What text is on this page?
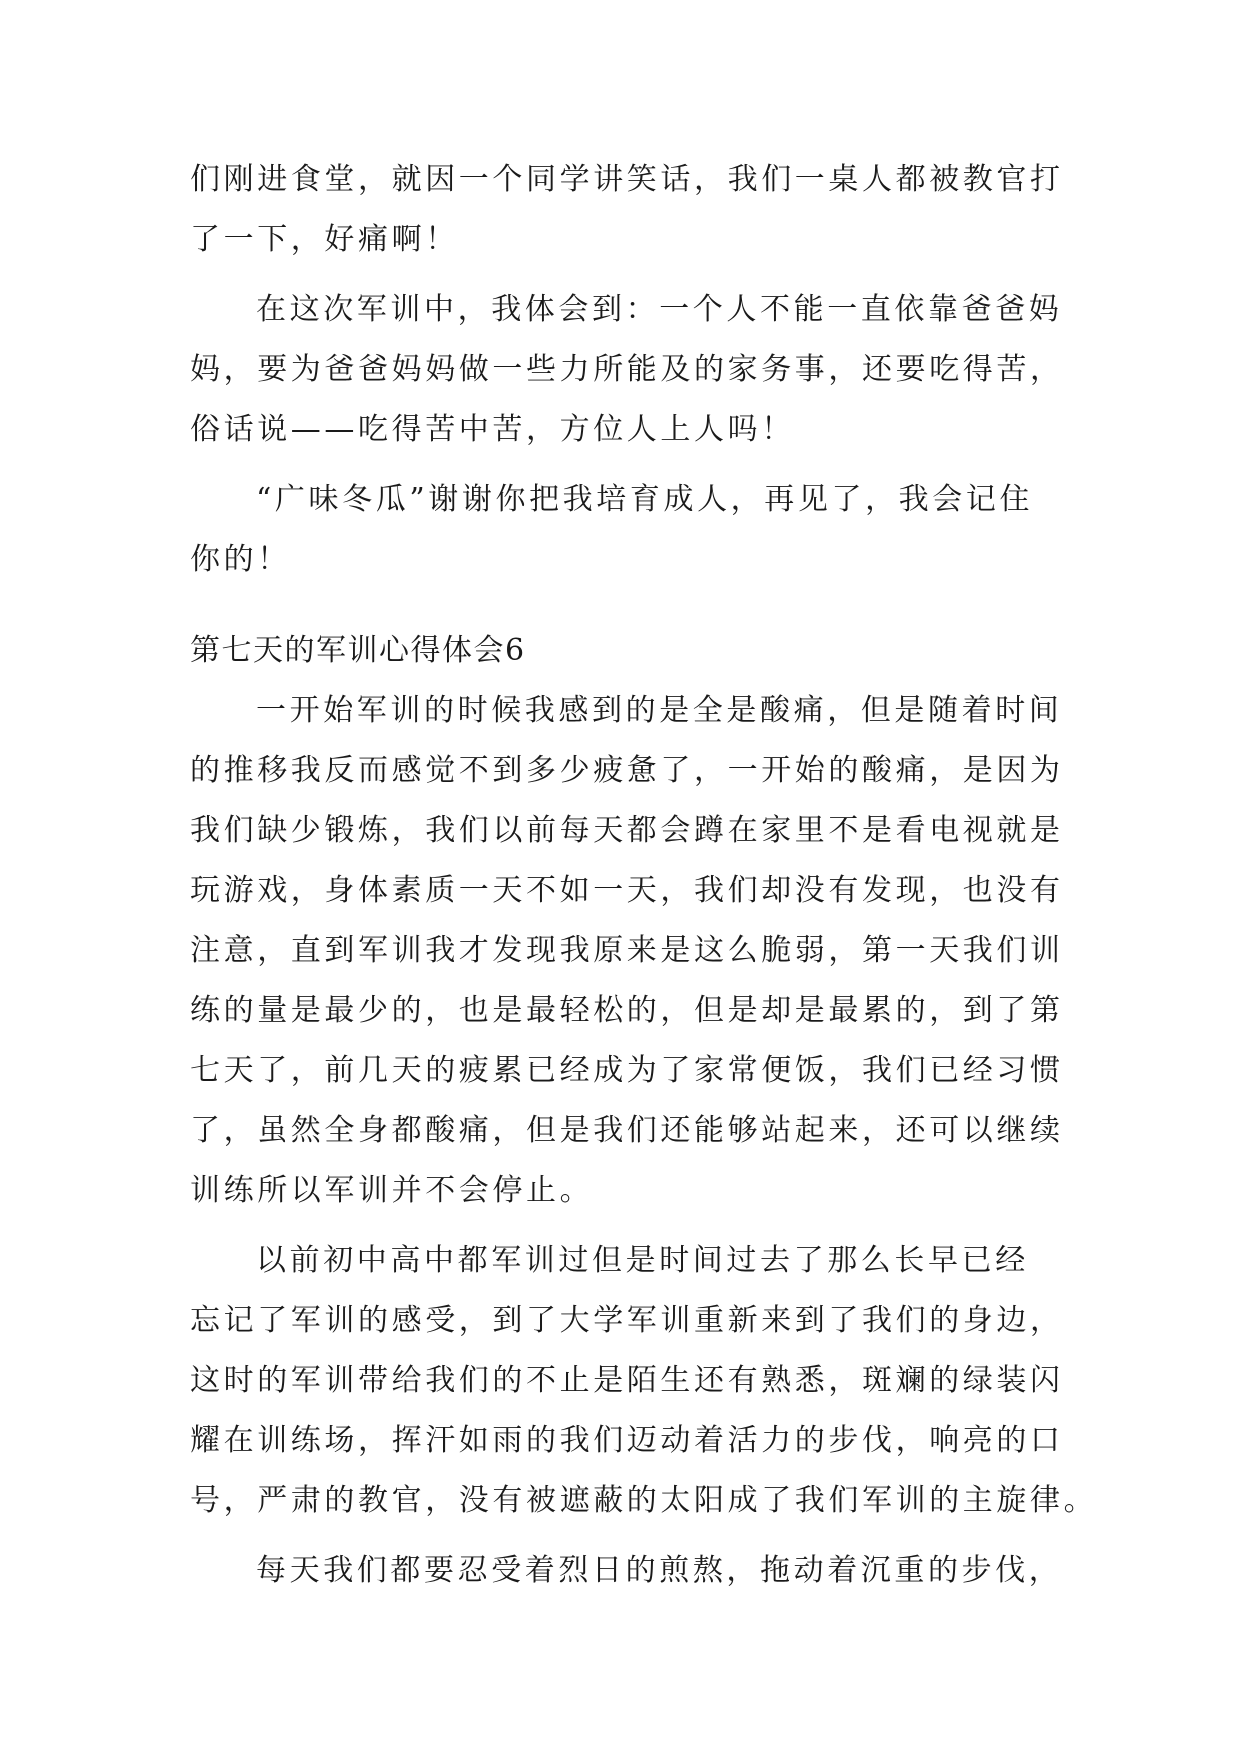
们刚进食堂，就因一个同学讲笑话，我们一桌人都被教官打
了一下，好痛啊！
在这次军训中，我体会到：一个人不能一直依靠爸爸妈
妈，要为爸爸妈妈做一些力所能及的家务事，还要吃得苦，
俗话说——吃得苦中苦，方位人上人吗！
“广味冬瓜”谢谢你把我培育成人，再见了，我会记住
你的！
第七天的军训心得体会6
一开始军训的时候我感到的是全是酸痛，但是随着时间
的推移我反而感觉不到多少疲惫了，一开始的酸痛，是因为
我们缺少锻炼，我们以前每天都会蹲在家里不是看电视就是
玩游戏，身体素质一天不如一天，我们却没有发现，也没有
注意，直到军训我才发现我原来是这么脆弱，第一天我们训
练的量是最少的，也是最轻松的，但是却是最累的，到了第
七天了，前几天的疲累已经成为了家常便饭，我们已经习惯
了，虽然全身都酸痛，但是我们还能够站起来，还可以继续
训练所以军训并不会停止。
以前初中高中都军训过但是时间过去了那么长早已经
忘记了军训的感受，到了大学军训重新来到了我们的身边，
这时的军训带给我们的不止是陌生还有熟悉，斑斓的绿装闪
耀在训练场，挥汗如雨的我们迈动着活力的步伐，响亮的口
号，严肃的教官，没有被遮蔽的太阳成了我们军训的主旋律。
每天我们都要忍受着烈日的煎熬，拖动着沉重的步伐，
